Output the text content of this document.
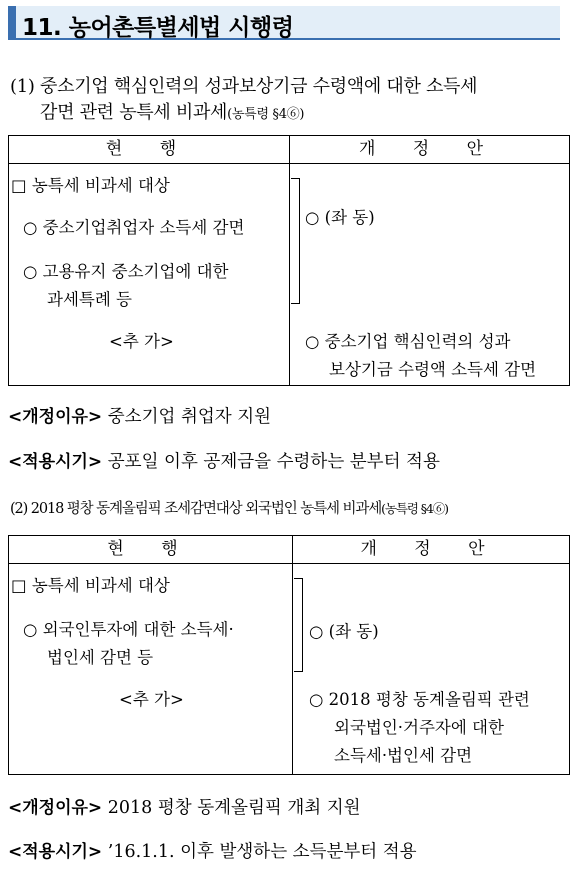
11. 농어촌특별세법 시행령
(1) 중소기업 핵심인력의 성과보상기금 수령액에 대한 소득세
감면 관련 농특세 비과세(농특령 §4⑥)
현 행	개 정 안
□ 농특세 비과세 대상
○ 중소기업취업자 소득세 감면
○ 고용유지 중소기업에 대한
과세특례 등
<추 가>
○ (좌 동)
○ 중소기업 핵심인력의 성과
보상기금 수령액 소득세 감면
<개정이유> 중소기업 취업자 지원
<적용시기> 공포일 이후 공제금을 수령하는 분부터 적용
(2) 2018 평창 동계올림픽 조세감면대상 외국법인 농특세 비과세(농특령 §4⑥)
현 행	개 정 안
□ 농특세 비과세 대상
○ 외국인투자에 대한 소득세·
법인세 감면 등
<추 가>
○ (좌 동)
○ 2018 평창 동계올림픽 관련
외국법인·거주자에 대한
소득세·법인세 감면
<개정이유> 2018 평창 동계올림픽 개최 지원
<적용시기> ’16.1.1. 이후 발생하는 소득분부터 적용
